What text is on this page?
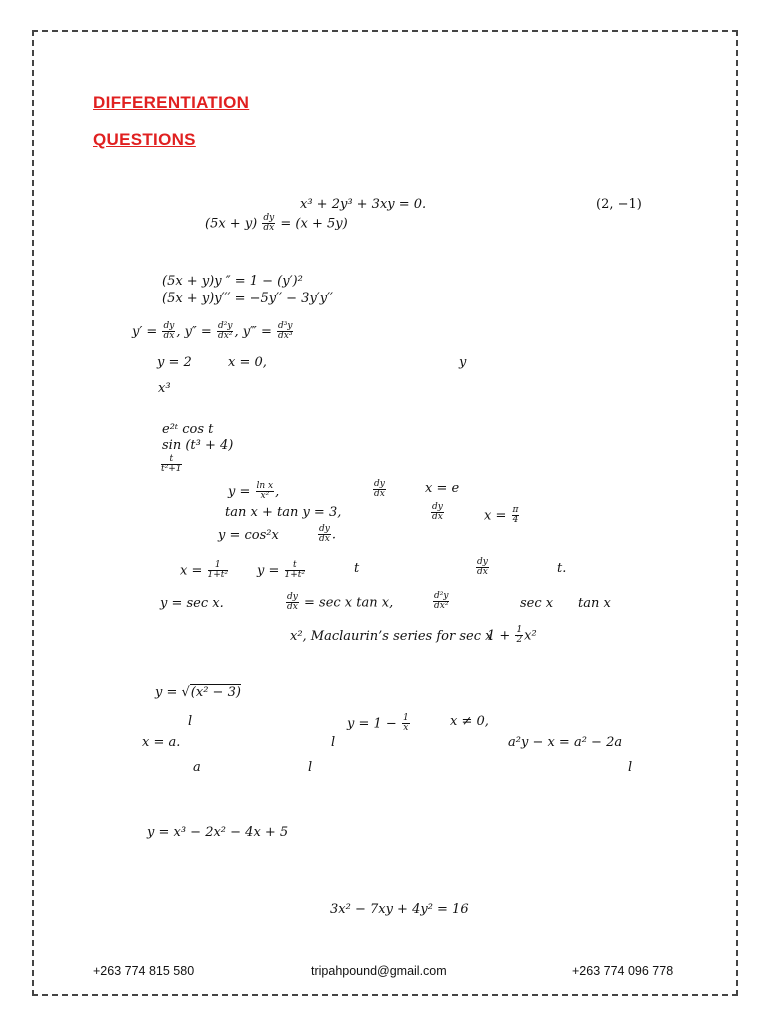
DIFFERENTIATION
QUESTIONS
x³ + 2y³ + 3xy = 0.	(2, −1)
$(5x + y) \frac{dy}{dx} = (x + 5y)$
(5x + y)y ″ = 1 − (y′)²
(5x + y)y′′′ = −5y′′ − 3y′y′′
$y' = \frac{dy}{dx}$ , $y'' = \frac{\text{d²y}}{\text{dx²}}$ , y‴ = $\frac{\text{d³y}}{\text{dx³}}$
y = 2	x = 0,	y
x³
e²ᵗ cos t
sin (t³ + 4)
$\frac{t}{\text{t²+1}}$
$y = \frac{\text{ln x}}{\text{x²}}$ ,	$\frac{dy}{dx}$	x = e
tan x + tan y = 3,	$\frac{dy}{dx}$	$x = \frac{\pi}{4}$
y = cos²x	$\frac{dy}{dx}$ .
$x = \frac{1}{\text{1+t²}}$ $y = \frac{t}{\text{1+t²}}$	t	$\frac{dy}{dx}$	t.
y = sec x.	$\frac{dy}{dx} = \sec x$ tan x,	$\frac{\text{d²y}}{\text{dx²}}$	sec x tan x
x², Maclaurin’s series for sec x
$1 + \frac{1}{2} x^2$
y = √(x² − 3)
l	$y = 1 - \frac{1}{x}$	x ≠ 0,
x = a.	l	a²y − x = a² − 2a
a	l	l
y = x³ − 2x² − 4x + 5
3x² − 7xy + 4y² = 16
+263 774 815 580	tripahpound@gmail.com	+263 774 096 778
